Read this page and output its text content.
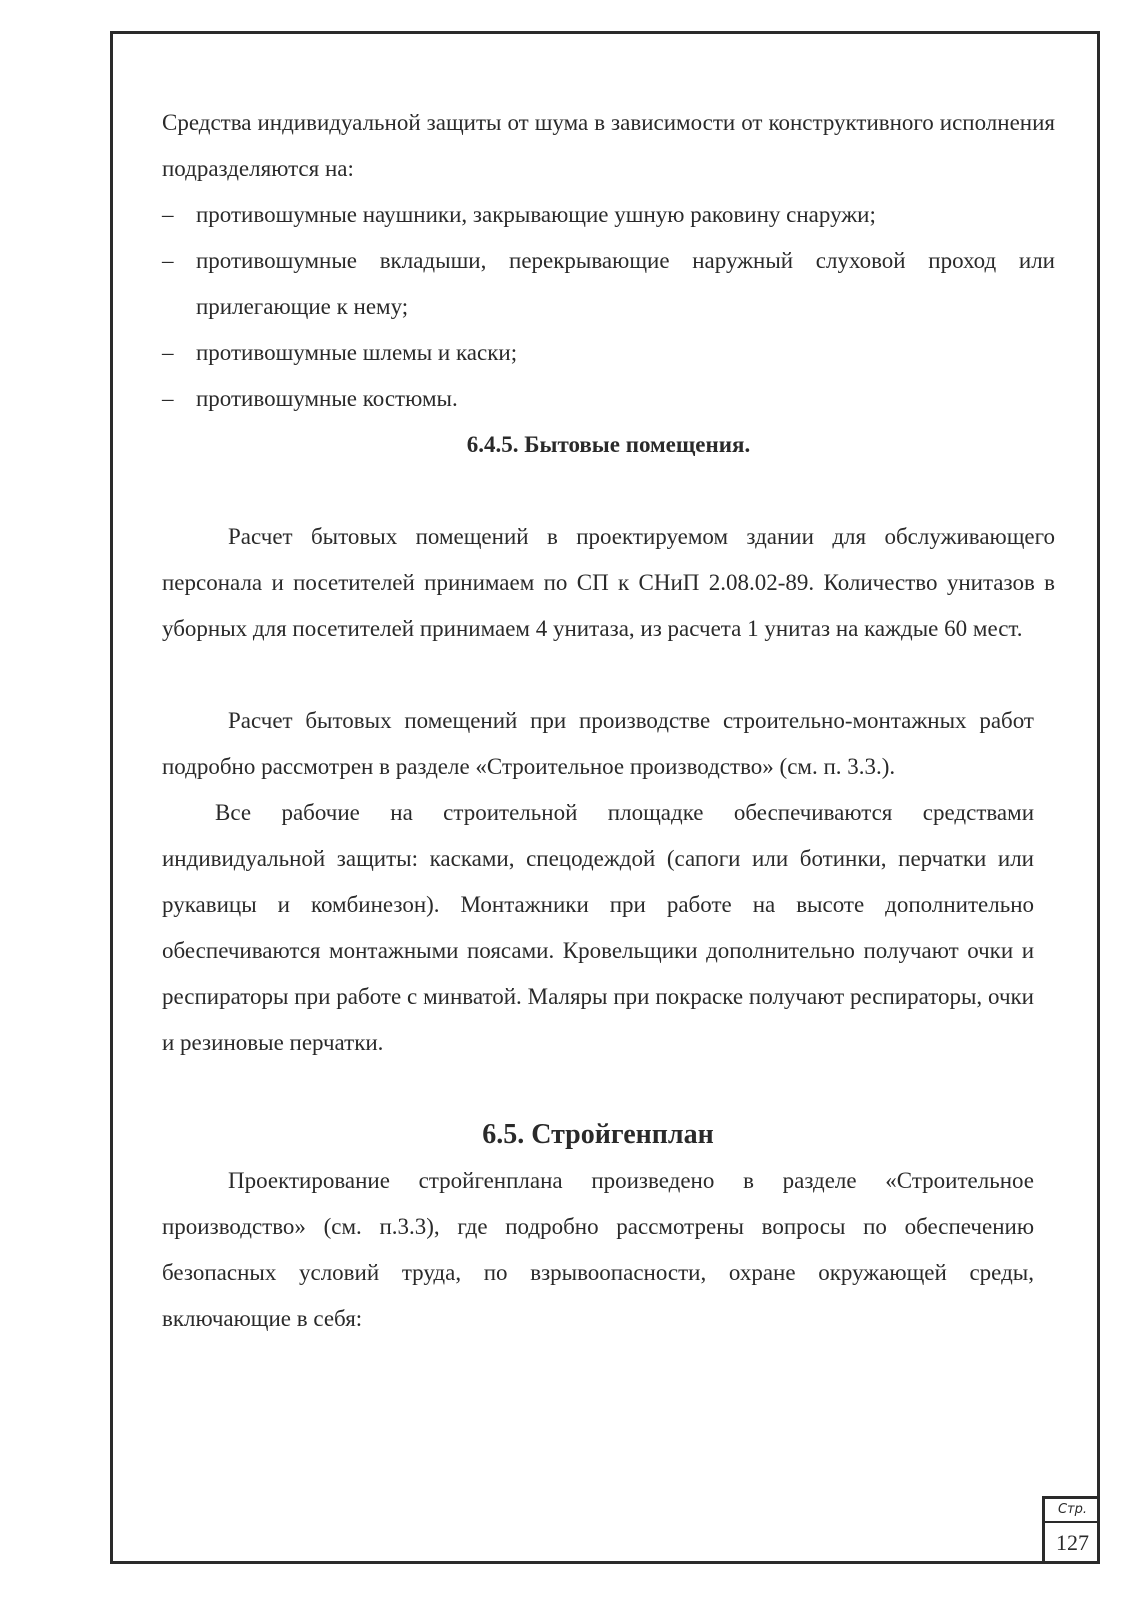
Средства индивидуальной защиты от шума в зависимости от конструктивного исполнения подразделяются на:

– противошумные наушники, закрывающие ушную раковину снаружи;
– противошумные вкладыши, перекрывающие наружный слуховой проход или прилегающие к нему;
– противошумные шлемы и каски;
– противошумные костюмы.
6.4.5. Бытовые помещения.

Расчет бытовых помещений в проектируемом здании для обслуживающего персонала и посетителей принимаем по СП к СНиП 2.08.02-89. Количество унитазов в уборных для посетителей принимаем 4 унитаза, из расчета 1 унитаз на каждые 60 мест.

Расчет бытовых помещений при производстве строительно-монтажных работ подробно рассмотрен в разделе «Строительное производство» (см. п. 3.3.).

Все рабочие на строительной площадке обеспечиваются средствами индивидуальной защиты: касками, спецодеждой (сапоги или ботинки, перчатки или рукавицы и комбинезон). Монтажники при работе на высоте дополнительно обеспечиваются монтажными поясами. Кровельщики дополнительно получают очки и респираторы при работе с минватой. Маляры при покраске получают респираторы, очки и резиновые перчатки.

6.5. Стройгенплан

Проектирование стройгенплана произведено в разделе «Строительное производство» (см. п.3.3), где подробно рассмотрены вопросы по обеспечению безопасных условий труда, по взрывоопасности, охране окружающей среды, включающие в себя:

Стр.
127
